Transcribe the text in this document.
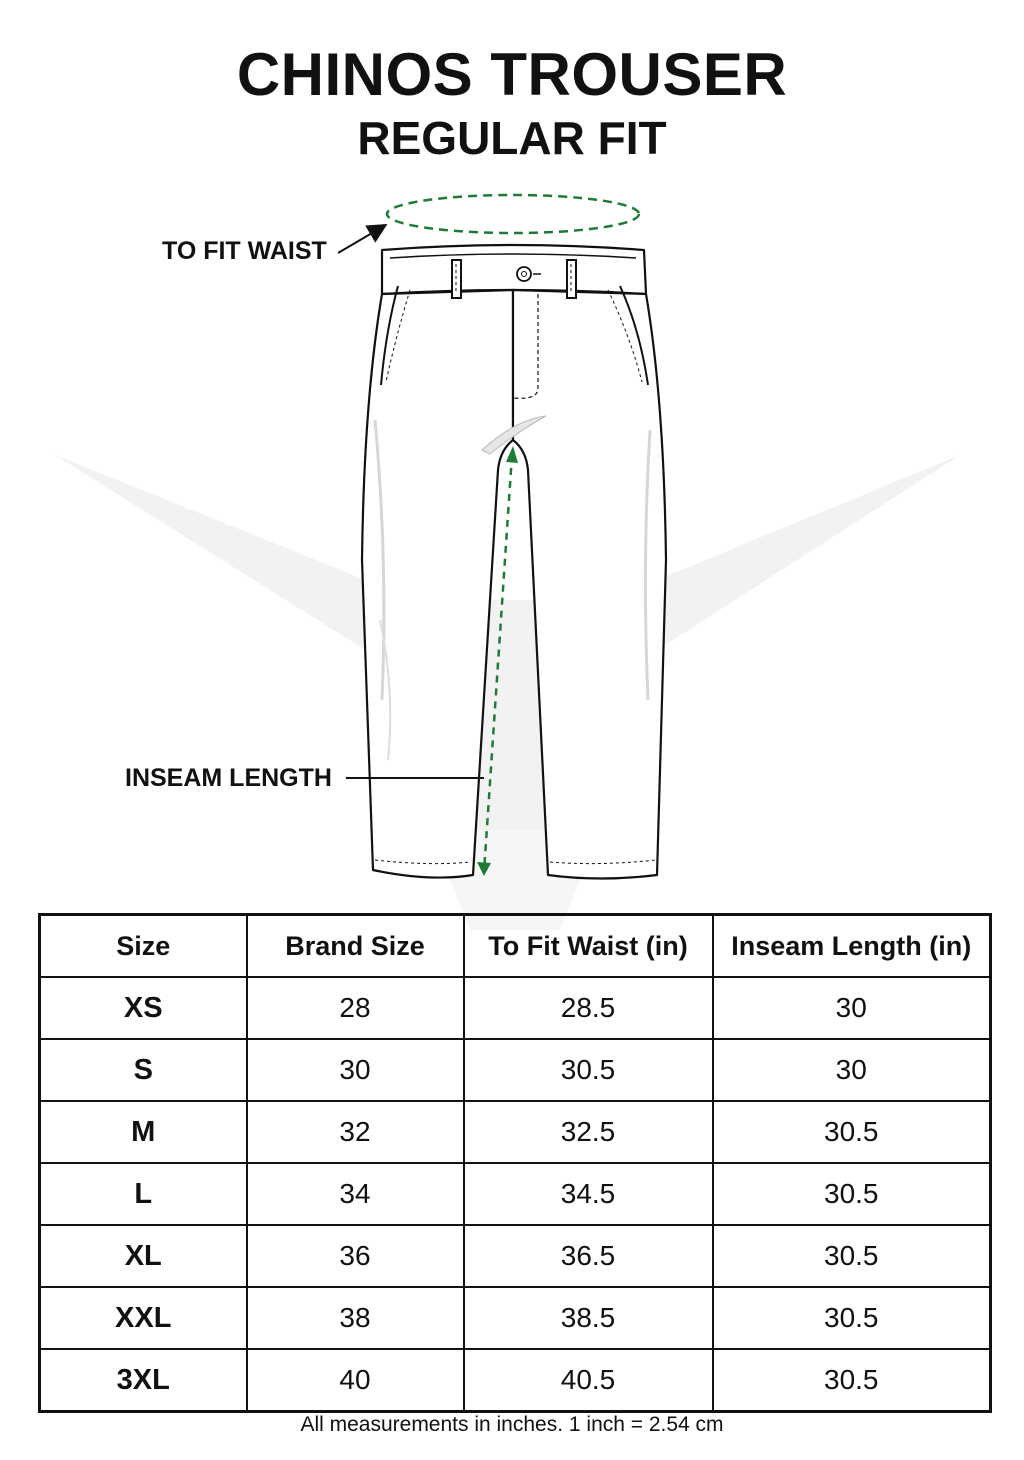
CHINOS TROUSER
REGULAR FIT
TO FIT WAIST
INSEAM LENGTH
Size	Brand Size	To Fit Waist (in)	Inseam Length (in)
XS	28	28.5	30
S	30	30.5	30
M	32	32.5	30.5
L	34	34.5	30.5
XL	36	36.5	30.5
XXL	38	38.5	30.5
3XL	40	40.5	30.5
All measurements in inches. 1 inch = 2.54 cm
